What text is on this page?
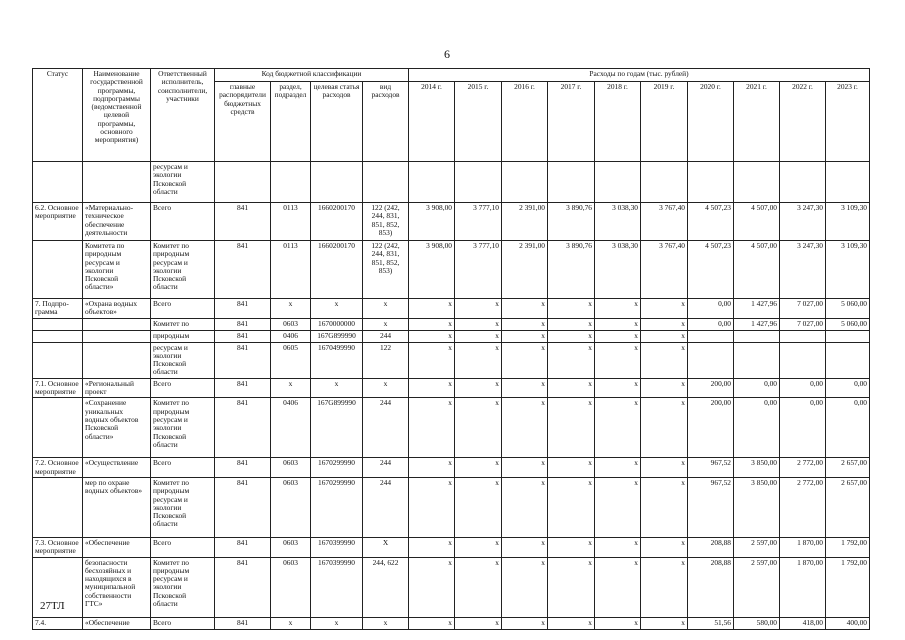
6
Статус	Наименование государственной программы, подпрограммы (ведомственной целевой программы, основного мероприятия)	Ответственный исполнитель, соисполнители, участники	Код бюджетной классификации				Расходы по годам (тыс. рублей)									
			главные распорядители бюджетных средств	раздел, подраздел	целевая статья расходов	вид расходов	2014 г.	2015 г.	2016 г.	2017 г.	2018 г.	2019 г.	2020 г.	2021 г.	2022 г.	2023 г.
		ресурсам и экологии Псковской области														
6.2. Основное мероприятие	«Материально-техническое обеспечение деятельности	Всего	841	0113	1660200170	122 (242, 244, 831, 851, 852, 853)	3 908,00	3 777,10	2 391,00	3 890,76	3 038,30	3 767,40	4 507,23	4 507,00	3 247,30	3 109,30
	Комитета по природным ресурсам и экологии Псковской области»	Комитет по природным ресурсам и экологии Псковской области	841	0113	1660200170	122 (242, 244, 831, 851, 852, 853)	3 908,00	3 777,10	2 391,00	3 890,76	3 038,30	3 767,40	4 507,23	4 507,00	3 247,30	3 109,30
7. Подпро-грамма	«Охрана водных объектов»	Всего	841	x	x	x	x	x	x	x	x	x	0,00	1 427,96	7 027,00	5 060,00
		Комитет по	841	0603	1670000000	x	x	x	x	x	x	x	0,00	1 427,96	7 027,00	5 060,00
		природным	841	0406	167G899990	244	x	x	x	x	x	x				
		ресурсам и экологии Псковской области	841	0605	1670499990	122	x	x	x	x	x	x				
7.1. Основное мероприятие	«Региональный проект	Всего	841	x	x	x	x	x	x	x	x	x	200,00	0,00	0,00	0,00
	«Сохранение уникальных водных объектов Псковской области»	Комитет по природным ресурсам и экологии Псковской области	841	0406	167G899990	244	x	x	x	x	x	x	200,00	0,00	0,00	0,00
7.2. Основное мероприятие	«Осуществление	Всего	841	0603	1670299990	244	x	x	x	x	x	x	967,52	3 850,00	2 772,00	2 657,00
	мер по охране водных объектов»	Комитет по природным ресурсам и экологии Псковской области	841	0603	1670299990	244	x	x	x	x	x	x	967,52	3 850,00	2 772,00	2 657,00
7.3. Основное мероприятие	«Обеспечение	Всего	841	0603	1670399990	X	x	x	x	x	x	x	208,88	2 597,00	1 870,00	1 792,00
	безопасности бесхозяйных и находящихся в муниципальной собственности ГТС»	Комитет по природным ресурсам и экологии Псковской области	841	0603	1670399990	244, 622	x	x	x	x	x	x	208,88	2 597,00	1 870,00	1 792,00
7.4.	«Обеспечение	Всего	841	x	x	x	x	x	x	x	x	x	51,56	580,00	418,00	400,00
27ТЛ
